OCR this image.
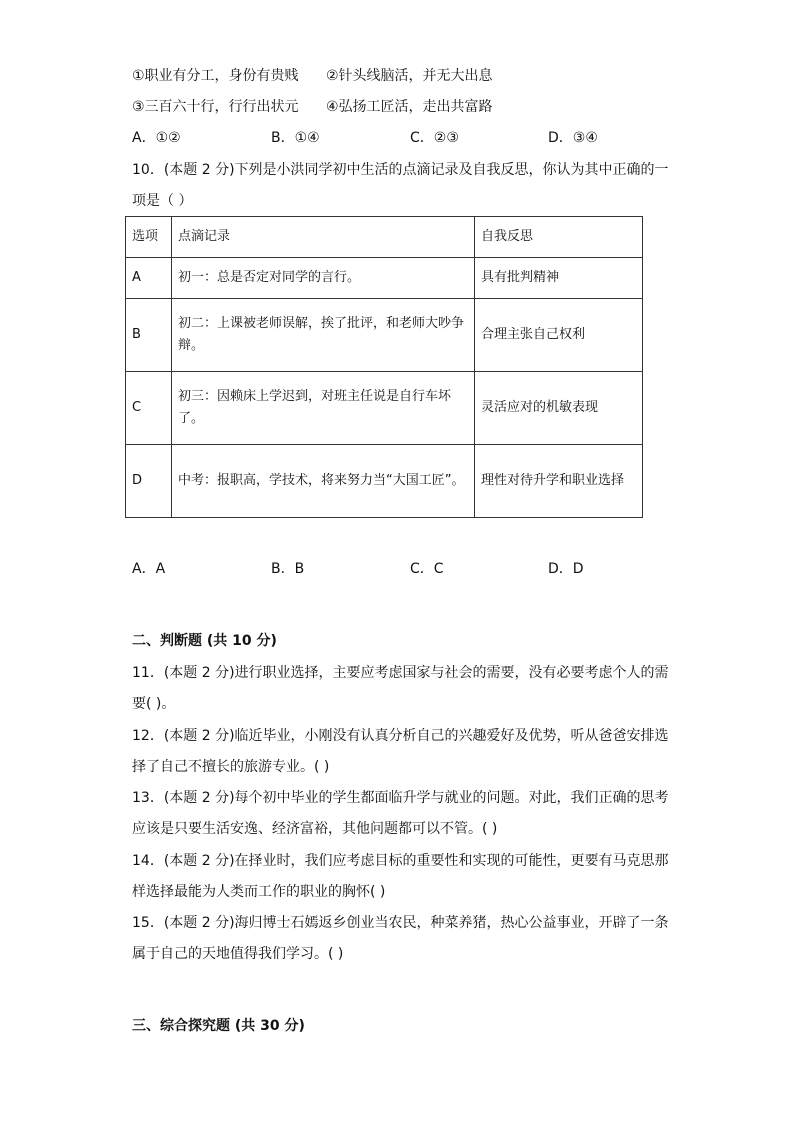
①职业有分工，身份有贵贱 ②针头线脑活，并无大出息
③三百六十行，行行出状元 ④弘扬工匠活，走出共富路
A．①②	B．①④	C．②③	D．③④
10．(本题 2 分)下列是小洪同学初中生活的点滴记录及自我反思，你认为其中正确的一
项是（ ）
选项	点滴记录	自我反思
A	初一：总是否定对同学的言行。	具有批判精神
B	初二：上课被老师误解，挨了批评，和老师大吵争辩。	合理主张自己权利
C	初三：因赖床上学迟到，对班主任说是自行车坏了。	灵活应对的机敏表现
D	中考：报职高，学技术，将来努力当“大国工匠”。	理性对待升学和职业选择
A．A	B．B	C．C	D．D
二、判断题 (共 10 分)
11．(本题 2 分)进行职业选择，主要应考虑国家与社会的需要，没有必要考虑个人的需
要( )。
12．(本题 2 分)临近毕业，小刚没有认真分析自己的兴趣爱好及优势，听从爸爸安排选
择了自己不擅长的旅游专业。( )
13．(本题 2 分)每个初中毕业的学生都面临升学与就业的问题。对此，我们正确的思考
应该是只要生活安逸、经济富裕，其他问题都可以不管。( )
14．(本题 2 分)在择业时，我们应考虑目标的重要性和实现的可能性，更要有马克思那
样选择最能为人类而工作的职业的胸怀( )
15．(本题 2 分)海归博士石嫣返乡创业当农民，种菜养猪，热心公益事业，开辟了一条
属于自己的天地值得我们学习。( )
三、综合探究题 (共 30 分)
